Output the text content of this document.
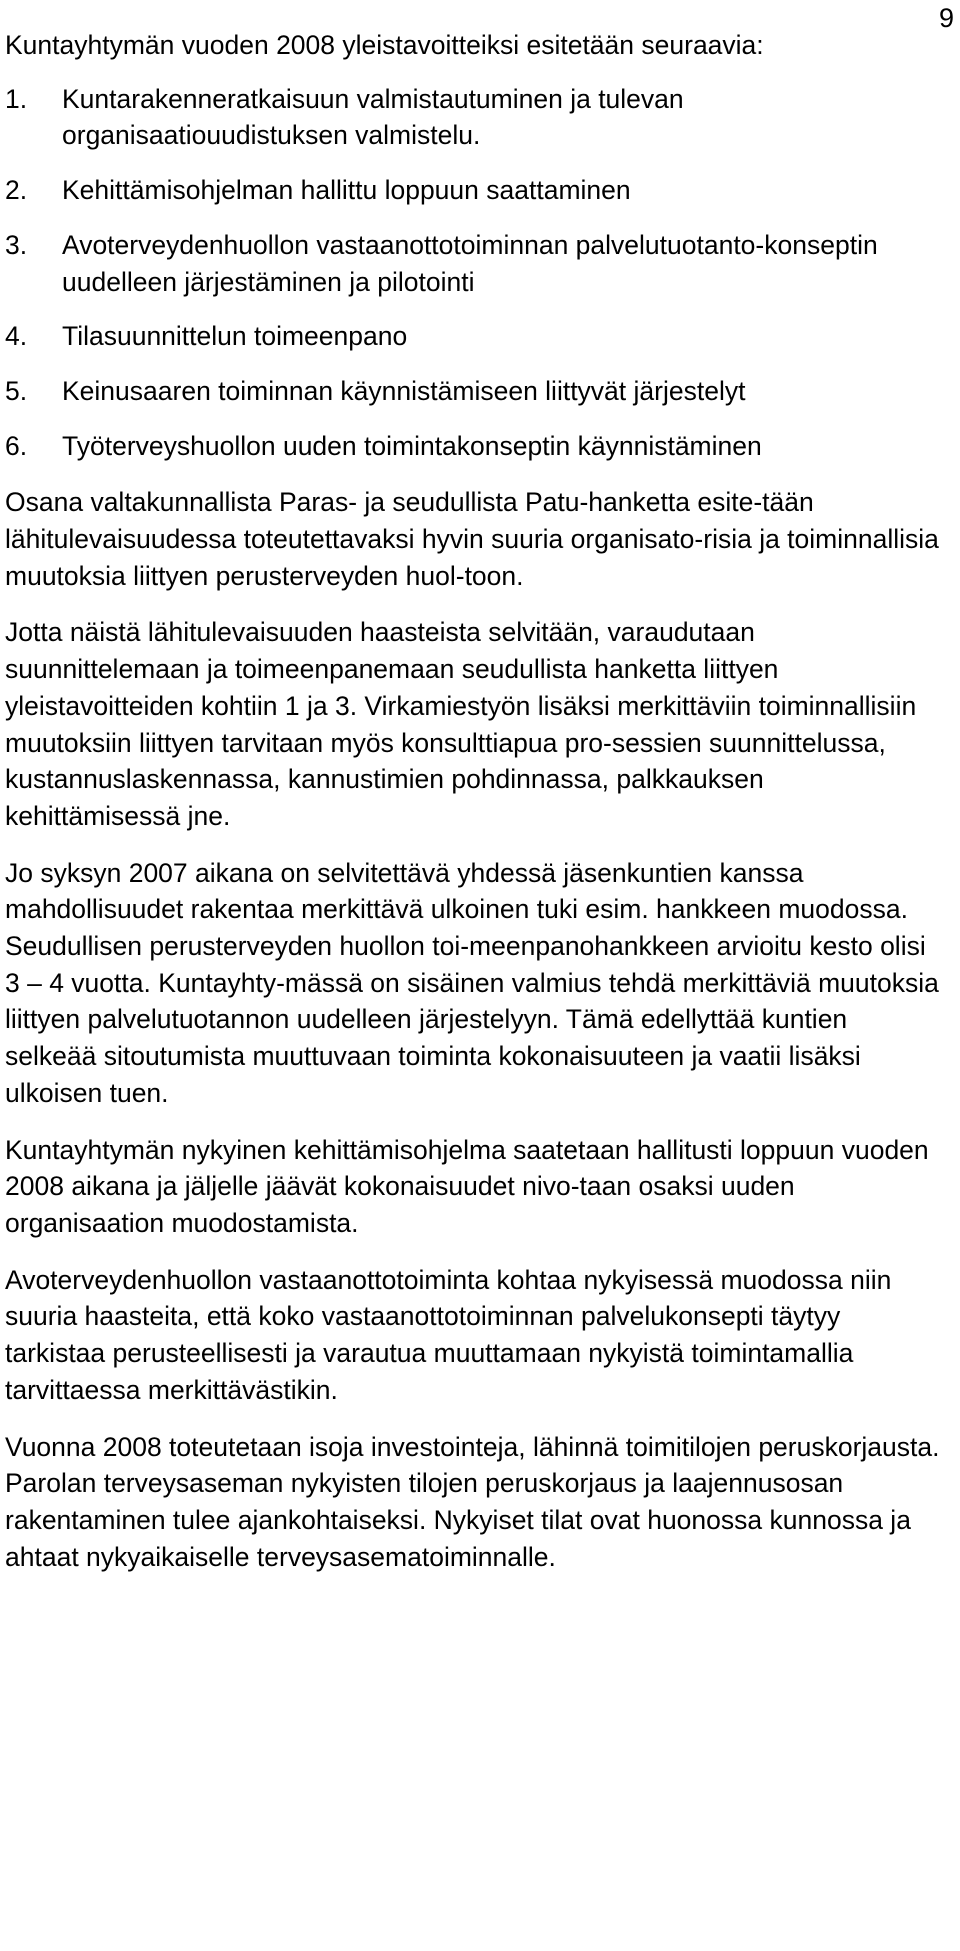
9

Kuntayhtymän vuoden 2008 yleistavoitteiksi esitetään seuraavia:

1. Kuntarakenneratkaisuun valmistautuminen ja tulevan organisaatiouudistuksen valmistelu.
2. Kehittämisohjelman hallittu loppuun saattaminen
3. Avoterveydenhuollon vastaanottotoiminnan palvelutuotanto-konseptin uudelleen järjestäminen ja pilotointi
4. Tilasuunnittelun toimeenpano
5. Keinusaaren toiminnan käynnistämiseen liittyvät järjestelyt
6. Työterveyshuollon uuden toimintakonseptin käynnistäminen

Osana valtakunnallista Paras- ja seudullista Patu-hanketta esite-tään lähitulevaisuudessa toteutettavaksi hyvin suuria organisato-risia ja toiminnallisia muutoksia liittyen perusterveyden huol-toon.

Jotta näistä lähitulevaisuuden haasteista selvitään, varaudutaan suunnittelemaan ja toimeenpanemaan seudullista hanketta liittyen yleistavoitteiden kohtiin 1 ja 3. Virkamiestyön lisäksi merkittäviin toiminnallisiin muutoksiin liittyen tarvitaan myös konsulttiapua pro-sessien suunnittelussa, kustannuslaskennassa, kannustimien pohdinnassa, palkkauksen kehittämisessä jne.

Jo syksyn 2007 aikana on selvitettävä yhdessä jäsenkuntien kanssa mahdollisuudet rakentaa merkittävä ulkoinen tuki esim. hankkeen muodossa. Seudullisen perusterveyden huollon toi-meenpanohankkeen arvioitu kesto olisi 3 – 4 vuotta. Kuntayhty-mässä on sisäinen valmius tehdä merkittäviä muutoksia liittyen palvelutuotannon uudelleen järjestelyyn. Tämä edellyttää kuntien selkeää sitoutumista muuttuvaan toiminta kokonaisuuteen ja vaatii lisäksi ulkoisen tuen.

Kuntayhtymän nykyinen kehittämisohjelma saatetaan hallitusti loppuun vuoden 2008 aikana ja jäljelle jäävät kokonaisuudet nivo-taan osaksi uuden organisaation muodostamista.

Avoterveydenhuollon vastaanottotoiminta kohtaa nykyisessä muodossa niin suuria haasteita, että koko vastaanottotoiminnan palvelukonsepti täytyy tarkistaa perusteellisesti ja varautua muuttamaan nykyistä toimintamallia tarvittaessa merkittävästikin.

Vuonna 2008 toteutetaan isoja investointeja, lähinnä toimitilojen peruskorjausta. Parolan terveysaseman nykyisten tilojen peruskorjaus ja laajennusosan rakentaminen tulee ajankohtaiseksi. Nykyiset tilat ovat huonossa kunnossa ja ahtaat nykyaikaiselle terveysasematoiminnalle.
